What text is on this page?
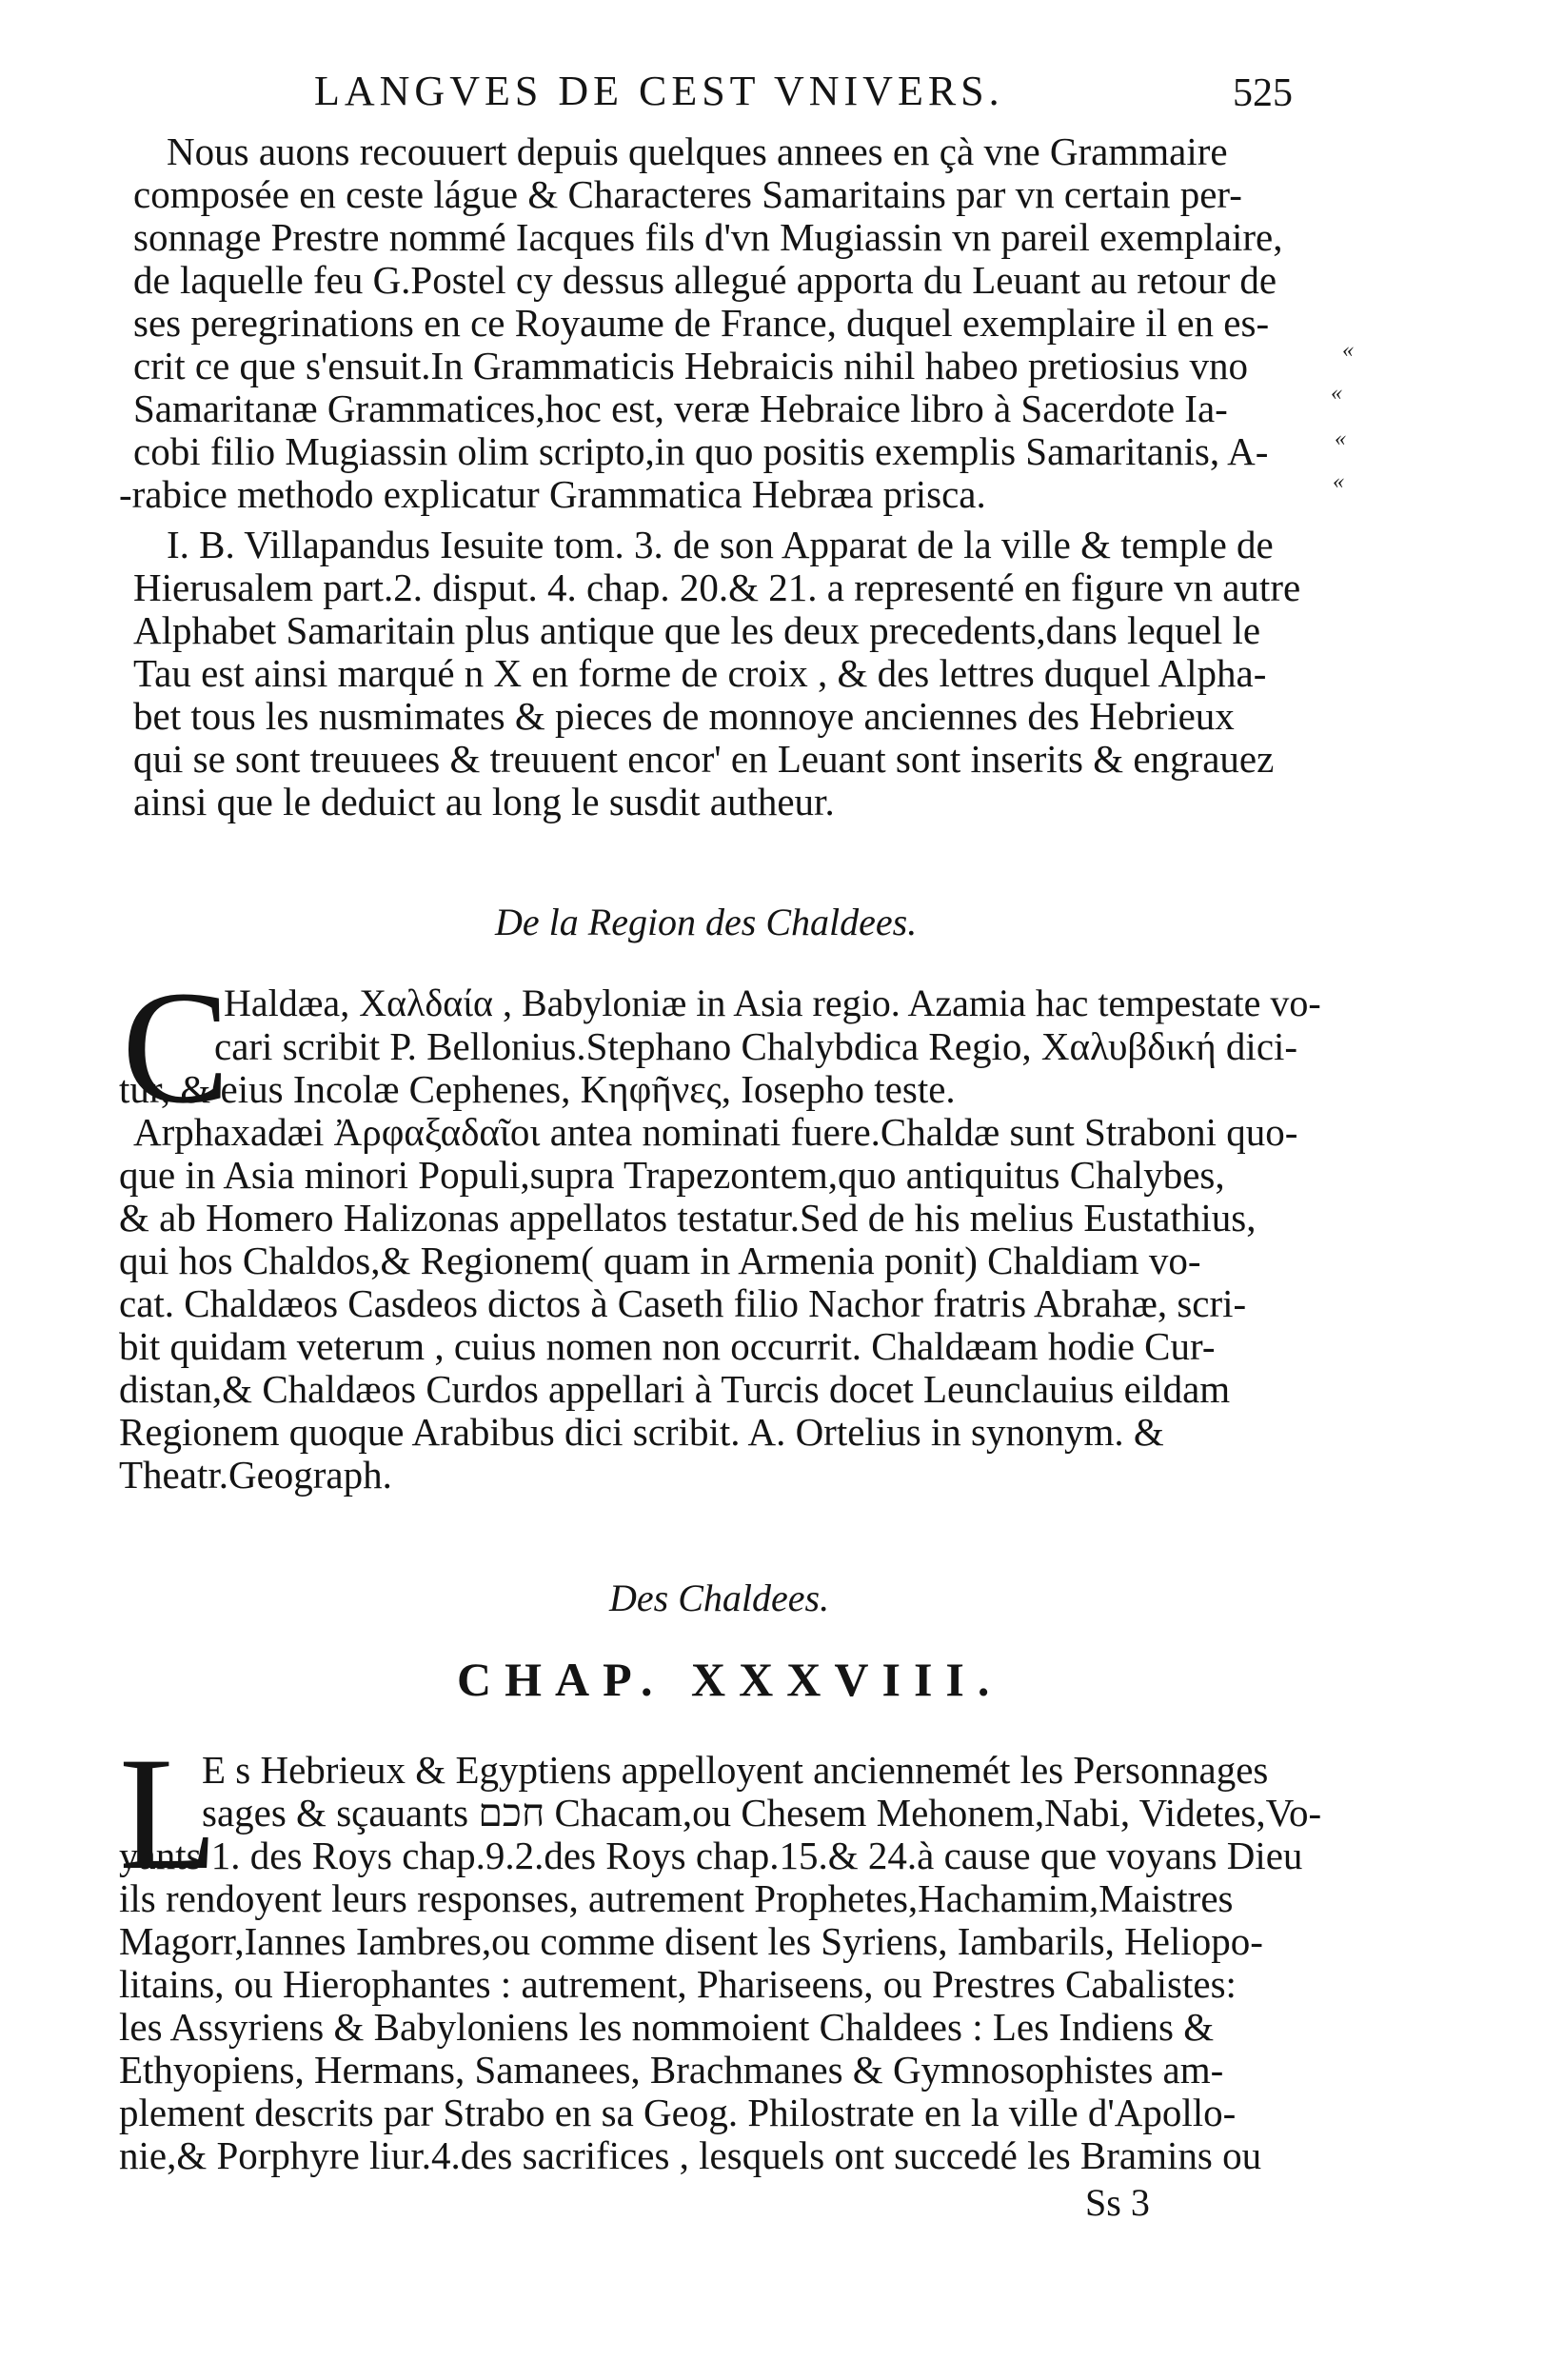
LANGVES DE CEST VNIVERS.	525
Nous auons recouuert depuis quelques annees en çà vne Grammaire
composée en ceste lágue & Characteres Samaritains par vn certain per-
sonnage Prestre nommé Iacques fils d'vn Mugiassin vn pareil exemplaire,
de laquelle feu G.Postel cy dessus allegué apporta du Leuant au retour de
ses peregrinations en ce Royaume de France, duquel exemplaire il en es-
crit ce que s'ensuit.In Grammaticis Hebraicis nihil habeo pretiosius vno
Samaritanæ Grammatices,hoc est, veræ Hebraice libro à Sacerdote Ia-
cobi filio Mugiassin olim scripto,in quo positis exemplis Samaritanis, A-
-rabice methodo explicatur Grammatica Hebræa prisca.
«
«
«
«
I. B. Villapandus Iesuite tom. 3. de son Apparat de la ville & temple de
Hierusalem part.2. disput. 4. chap. 20.& 21. a representé en figure vn autre
Alphabet Samaritain plus antique que les deux precedents,dans lequel le
Tau est ainsi marqué n X en forme de croix , & des lettres duquel Alpha-
bet tous les nusmimates & pieces de monnoye anciennes des Hebrieux
qui se sont treuuees & treuuent encor' en Leuant sont inserits & engrauez
ainsi que le deduict au long le susdit autheur.
De la Region des Chaldees.
C
Haldæa, Χαλδαία , Babyloniæ in Asia regio. Azamia hac tempestate vo-
cari scribit P. Bellonius.Stephano Chalybdica Regio, Χαλυβδική dici-
tur, & eius Incolæ Cephenes, Κηφῆνες, Iosepho teste.
Arphaxadæi Ἀρφαξαδαῖοι antea nominati fuere.Chaldæ sunt Straboni quo-
que in Asia minori Populi,supra Trapezontem,quo antiquitus Chalybes,
& ab Homero Halizonas appellatos testatur.Sed de his melius Eustathius,
qui hos Chaldos,& Regionem( quam in Armenia ponit) Chaldiam vo-
cat. Chaldæos Casdeos dictos à Caseth filio Nachor fratris Abrahæ, scri-
bit quidam veterum , cuius nomen non occurrit. Chaldæam hodie Cur-
distan,& Chaldæos Curdos appellari à Turcis docet Leunclauius eildam
Regionem quoque Arabibus dici scribit. A. Ortelius in synonym. &
Theatr.Geograph.
Des Chaldees.
CHAP. XXXVIII.
L
E s Hebrieux & Egyptiens appelloyent anciennemét les Personnages
sages & sçauants חכם Chacam,ou Chesem Mehonem,Nabi, Videtes,Vo-
yants 1. des Roys chap.9.2.des Roys chap.15.& 24.à cause que voyans Dieu
ils rendoyent leurs responses, autrement Prophetes,Hachamim,Maistres
Magorr,Iannes Iambres,ou comme disent les Syriens, Iambarils, Heliopo-
litains, ou Hierophantes : autrement, Phariseens, ou Prestres Cabalistes:
les Assyriens & Babyloniens les nommoient Chaldees : Les Indiens &
Ethyopiens, Hermans, Samanees, Brachmanes & Gymnosophistes am-
plement descrits par Strabo en sa Geog. Philostrate en la ville d'Apollo-
nie,& Porphyre liur.4.des sacrifices , lesquels ont succedé les Bramins ou
Ss 3
